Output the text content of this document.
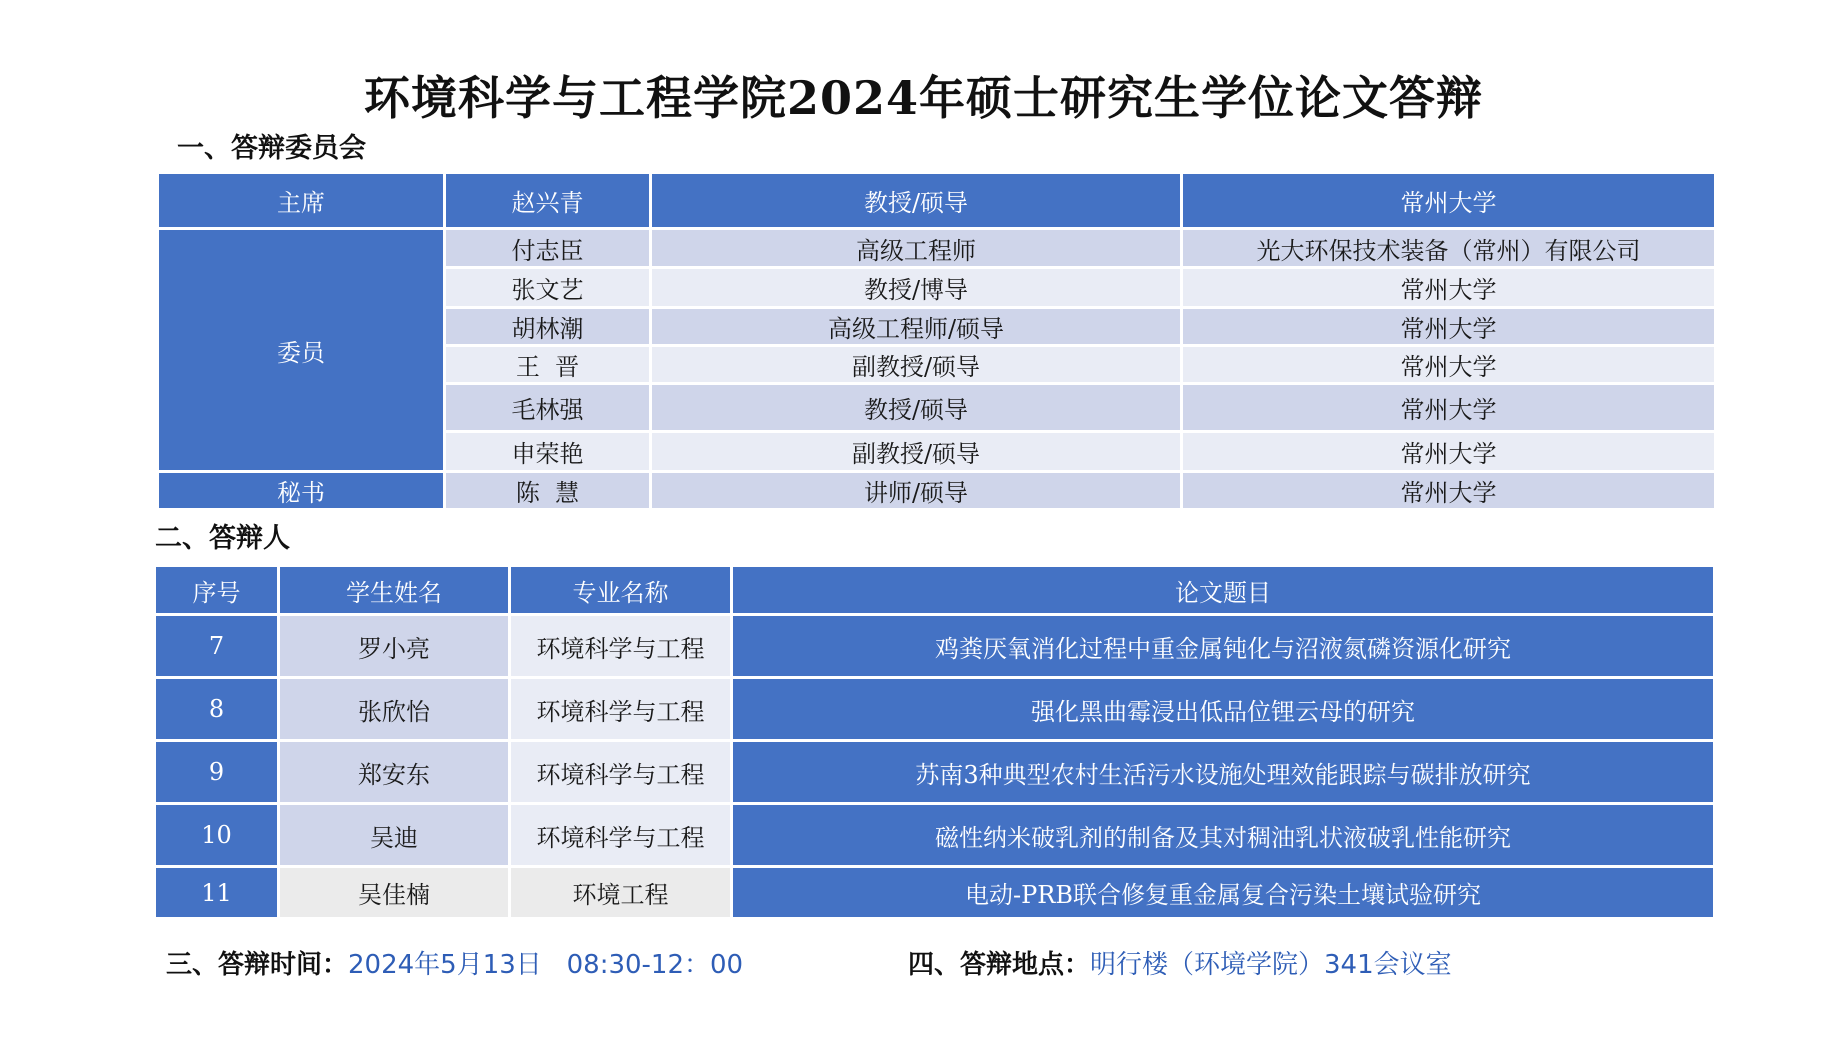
环境科学与工程学院2024年硕士研究生学位论文答辩
一、答辩委员会
主席	赵兴青	教授/硕导	常州大学
委员	付志臣	高级工程师	光大环保技术装备（常州）有限公司
	张文艺	教授/博导	常州大学
	胡林潮	高级工程师/硕导	常州大学
	王  晋	副教授/硕导	常州大学
	毛林强	教授/硕导	常州大学
	申荣艳	副教授/硕导	常州大学
秘书	陈  慧	讲师/硕导	常州大学
二、答辩人
序号	学生姓名	专业名称	论文题目
7	罗小亮	环境科学与工程	鸡粪厌氧消化过程中重金属钝化与沼液氮磷资源化研究
8	张欣怡	环境科学与工程	强化黑曲霉浸出低品位锂云母的研究
9	郑安东	环境科学与工程	苏南3种典型农村生活污水设施处理效能跟踪与碳排放研究
10	吴迪	环境科学与工程	磁性纳米破乳剂的制备及其对稠油乳状液破乳性能研究
11	吴佳楠	环境工程	电动-PRB联合修复重金属复合污染土壤试验研究
三、答辩时间：2024年5月13日   08:30-12：00	四、答辩地点：明行楼（环境学院）341会议室
